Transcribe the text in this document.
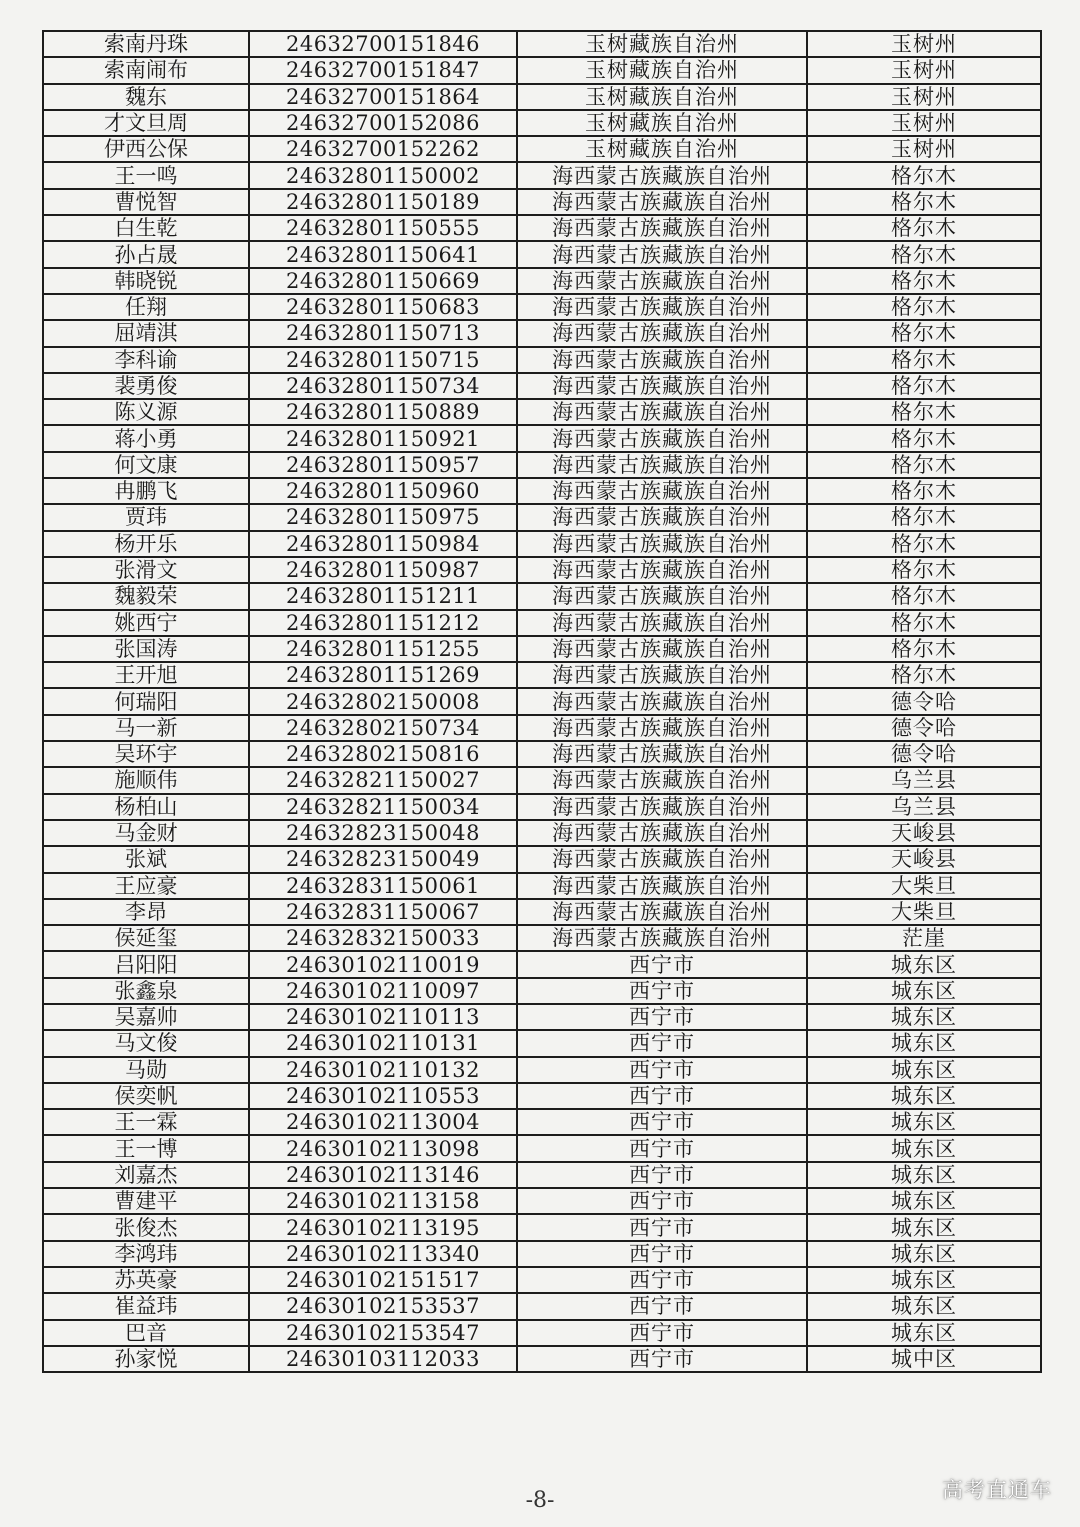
索南丹珠	24632700151846	玉树藏族自治州	玉树州
索南闹布	24632700151847	玉树藏族自治州	玉树州
魏东	24632700151864	玉树藏族自治州	玉树州
才文旦周	24632700152086	玉树藏族自治州	玉树州
伊西公保	24632700152262	玉树藏族自治州	玉树州
王一鸣	24632801150002	海西蒙古族藏族自治州	格尔木
曹悦智	24632801150189	海西蒙古族藏族自治州	格尔木
白生乾	24632801150555	海西蒙古族藏族自治州	格尔木
孙占晟	24632801150641	海西蒙古族藏族自治州	格尔木
韩晓锐	24632801150669	海西蒙古族藏族自治州	格尔木
任翔	24632801150683	海西蒙古族藏族自治州	格尔木
屈靖淇	24632801150713	海西蒙古族藏族自治州	格尔木
李科谕	24632801150715	海西蒙古族藏族自治州	格尔木
裴勇俊	24632801150734	海西蒙古族藏族自治州	格尔木
陈义源	24632801150889	海西蒙古族藏族自治州	格尔木
蒋小勇	24632801150921	海西蒙古族藏族自治州	格尔木
何文康	24632801150957	海西蒙古族藏族自治州	格尔木
冉鹏飞	24632801150960	海西蒙古族藏族自治州	格尔木
贾玮	24632801150975	海西蒙古族藏族自治州	格尔木
杨开乐	24632801150984	海西蒙古族藏族自治州	格尔木
张滑文	24632801150987	海西蒙古族藏族自治州	格尔木
魏毅荣	24632801151211	海西蒙古族藏族自治州	格尔木
姚西宁	24632801151212	海西蒙古族藏族自治州	格尔木
张国涛	24632801151255	海西蒙古族藏族自治州	格尔木
王开旭	24632801151269	海西蒙古族藏族自治州	格尔木
何瑞阳	24632802150008	海西蒙古族藏族自治州	德令哈
马一新	24632802150734	海西蒙古族藏族自治州	德令哈
吴环宇	24632802150816	海西蒙古族藏族自治州	德令哈
施顺伟	24632821150027	海西蒙古族藏族自治州	乌兰县
杨柏山	24632821150034	海西蒙古族藏族自治州	乌兰县
马金财	24632823150048	海西蒙古族藏族自治州	天峻县
张斌	24632823150049	海西蒙古族藏族自治州	天峻县
王应豪	24632831150061	海西蒙古族藏族自治州	大柴旦
李昂	24632831150067	海西蒙古族藏族自治州	大柴旦
侯延玺	24632832150033	海西蒙古族藏族自治州	茫崖
吕阳阳	24630102110019	西宁市	城东区
张鑫泉	24630102110097	西宁市	城东区
吴嘉帅	24630102110113	西宁市	城东区
马文俊	24630102110131	西宁市	城东区
马勋	24630102110132	西宁市	城东区
侯奕帆	24630102110553	西宁市	城东区
王一霖	24630102113004	西宁市	城东区
王一博	24630102113098	西宁市	城东区
刘嘉杰	24630102113146	西宁市	城东区
曹建平	24630102113158	西宁市	城东区
张俊杰	24630102113195	西宁市	城东区
李鸿玮	24630102113340	西宁市	城东区
苏英豪	24630102151517	西宁市	城东区
崔益玮	24630102153537	西宁市	城东区
巴音	24630102153547	西宁市	城东区
孙家悦	24630103112033	西宁市	城中区
-8-	高考直通车
